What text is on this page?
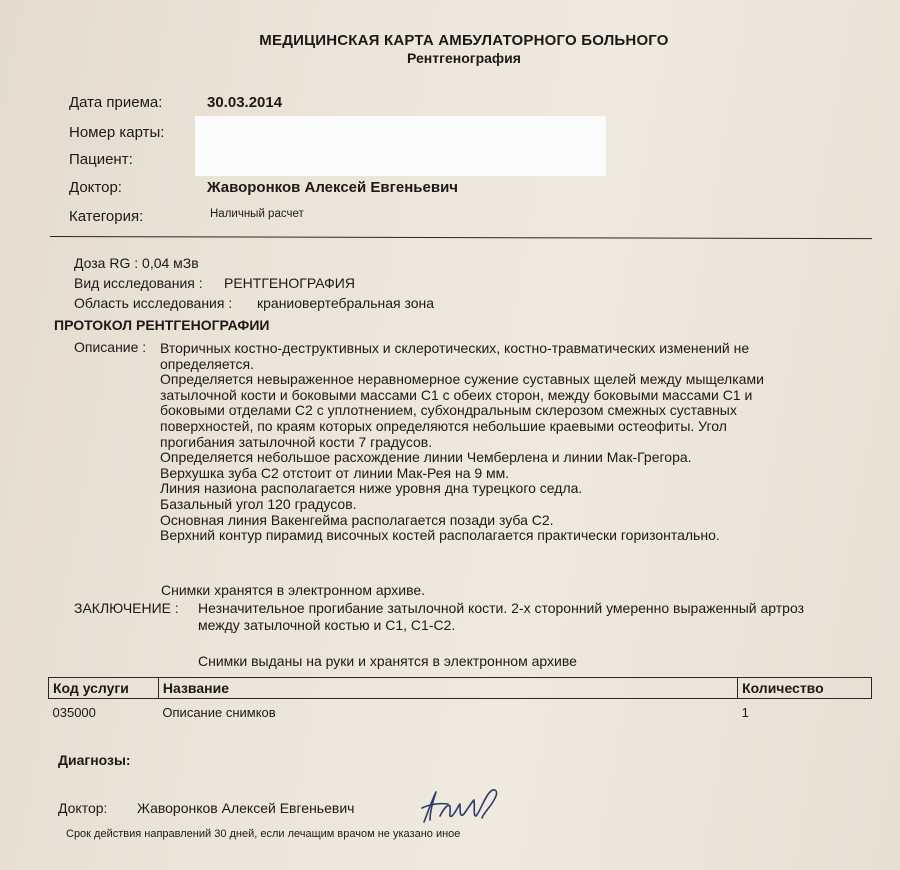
МЕДИЦИНСКАЯ КАРТА АМБУЛАТОРНОГО БОЛЬНОГО
Рентгенография
Дата приема:	30.03.2014
Номер карты:
Пациент:
Доктор:	Жаворонков Алексей Евгеньевич
Категория:	Наличный расчет
Доза RG : 0,04 мЗв
Вид исследования : РЕНТГЕНОГРАФИЯ
Область исследования : краниовертебральная зона
ПРОТОКОЛ РЕНТГЕНОГРАФИИ
Описание : Вторичных костно-деструктивных и склеротических, костно-травматических изменений не

определяется.

Определяется невыраженное неравномерное сужение суставных щелей между мыщелками

затылочной кости и боковыми массами С1 с обеих сторон, между боковыми массами С1 и

боковыми отделами С2 с уплотнением, субхондральным склерозом смежных суставных

поверхностей, по краям которых определяются небольшие краевыми остеофиты. Угол

прогибания затылочной кости 7 градусов.

Определяется небольшое расхождение линии Чемберлена и линии Мак-Грегора.

Верхушка зуба С2 отстоит от линии Мак-Рея на 9 мм.

Линия назиона располагается ниже уровня дна турецкого седла.

Базальный угол 120 градусов.

Основная линия Вакенгейма располагается позади зуба С2.

Верхний контур пирамид височных костей располагается практически горизонтально.

Снимки хранятся в электронном архиве.
ЗАКЛЮЧЕНИЕ : Незначительное прогибание затылочной кости. 2-х сторонний умеренно выраженный артроз
между затылочной костью и С1, С1-С2.
Снимки выданы на руки и хранятся в электронном архиве
Код услуги	Название	Количество
035000	Описание снимков	1
Диагнозы:
Доктор: Жаворонков Алексей Евгеньевич
Срок действия направлений 30 дней, если лечащим врачом не указано иное
